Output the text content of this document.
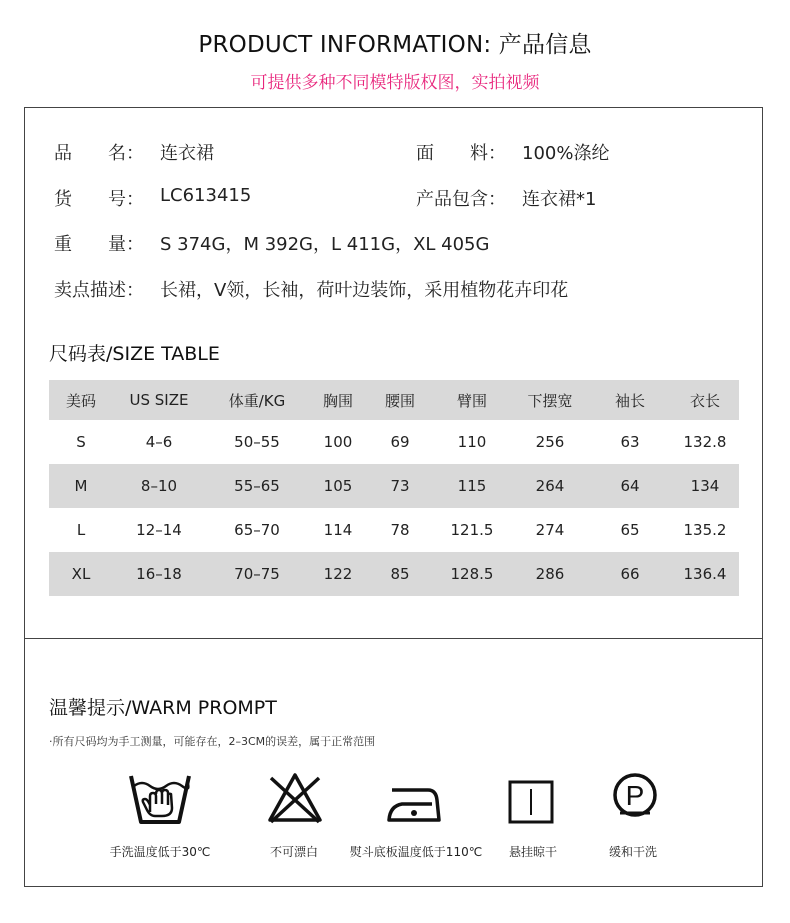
PRODUCT INFORMATION: 产品信息
可提供多种不同模特版权图，实拍视频
品　　名： 连衣裙	面　　料： 100%涤纶
货　　号： LC613415	产品包含： 连衣裙*1
重　　量： S 374G，M 392G，L 411G，XL 405G
卖点描述： 长裙，V领，长袖，荷叶边装饰，采用植物花卉印花
尺码表/SIZE TABLE
美码	US SIZE	体重/KG	胸围	腰围	臂围	下摆宽	袖长	衣长
S	4–6	50–55	100	69	110	256	63	132.8
M	8–10	55–65	105	73	115	264	64	134
L	12–14	65–70	114	78	121.5	274	65	135.2
XL	16–18	70–75	122	85	128.5	286	66	136.4
温馨提示/WARM PROMPT
·所有尺码均为手工测量，可能存在，2–3CM的误差，属于正常范围
P
手洗温度低于30℃	不可漂白	熨斗底板温度低于110℃ 悬挂晾干	缓和干洗
